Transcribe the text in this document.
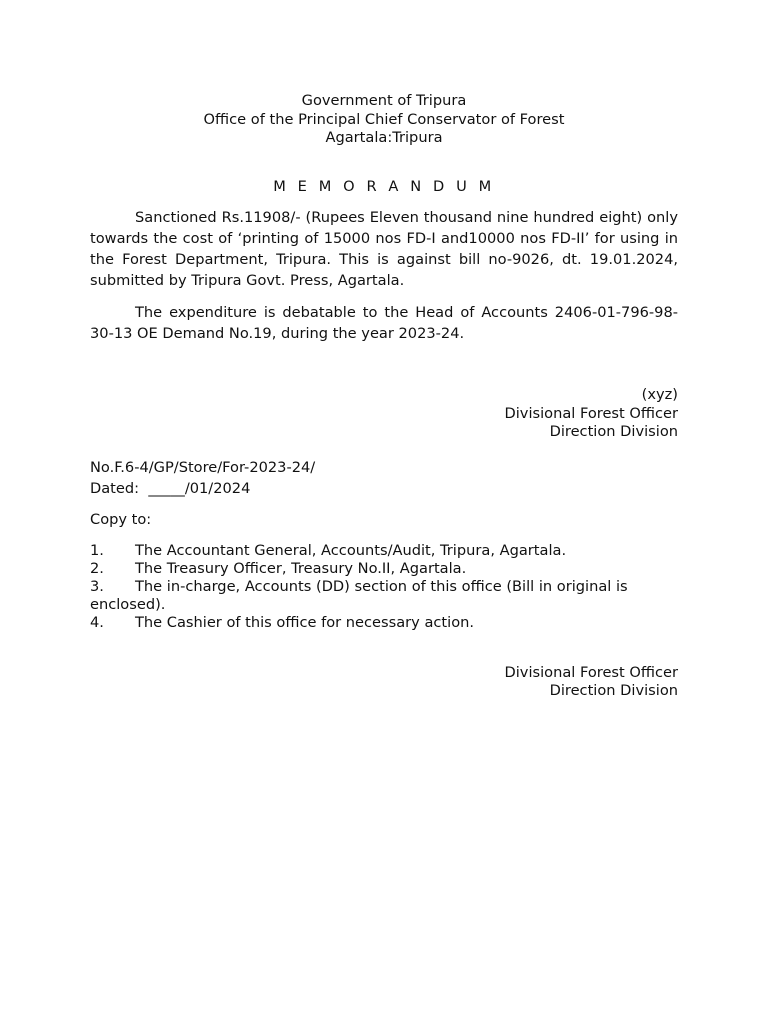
Government of Tripura
Office of the Principal Chief Conservator of Forest
Agartala:Tripura
M E M O R A N D U M

Sanctioned Rs.11908/- (Rupees Eleven thousand nine hundred eight) only towards the cost of ‘printing of 15000 nos FD-I and10000 nos FD-II’ for using in the Forest Department, Tripura. This is against bill no-9026, dt. 19.01.2024, submitted by Tripura Govt. Press, Agartala.

The expenditure is debatable to the Head of Accounts 2406-01-796-98-30-13 OE Demand No.19, during the year 2023-24.

(xyz)
Divisional Forest Officer
Direction Division
No.F.6-4/GP/Store/For-2023-24/
Dated:  _____/01/2024
Copy to:
1. The Accountant General, Accounts/Audit, Tripura, Agartala.
2. The Treasury Officer, Treasury No.II, Agartala.
3. The in-charge, Accounts (DD) section of this office (Bill in original is enclosed).
4. The Cashier of this office for necessary action.
Divisional Forest Officer
Direction Division
